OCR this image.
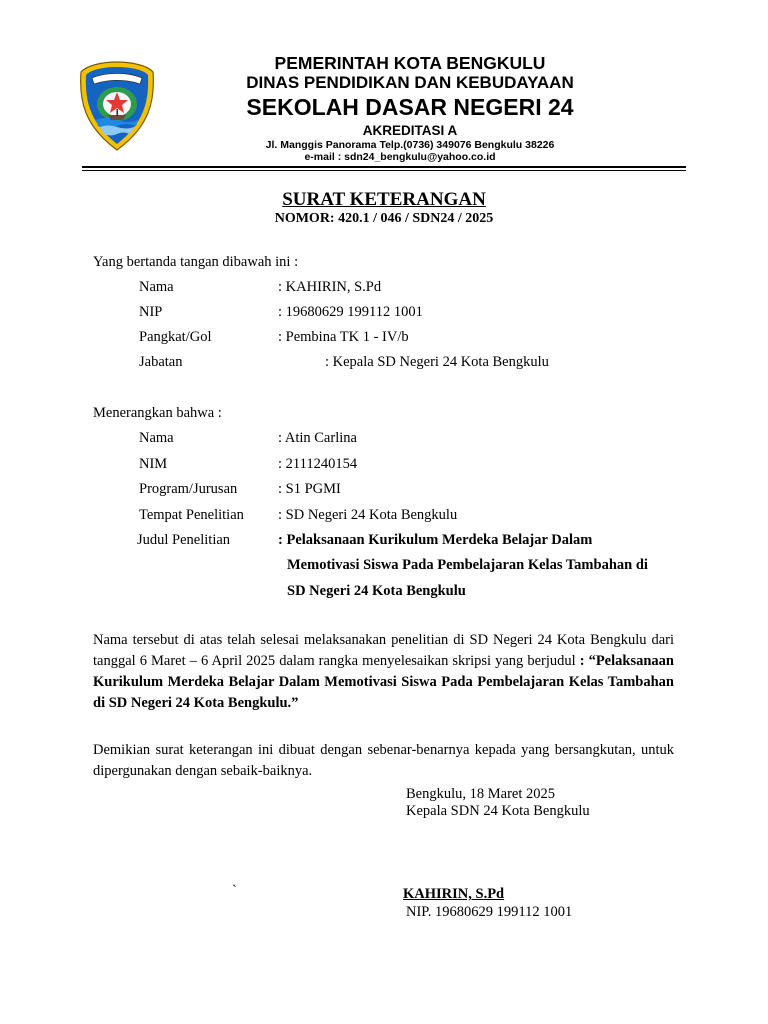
PEMERINTAH KOTA BENGKULU
DINAS PENDIDIKAN DAN KEBUDAYAAN
SEKOLAH DASAR NEGERI 24
AKREDITASI A
Jl. Manggis Panorama Telp.(0736) 349076 Bengkulu 38226
e-mail : sdn24_bengkulu@yahoo.co.id
SURAT KETERANGAN
NOMOR: 420.1 / 046 / SDN24 / 2025
Yang bertanda tangan dibawah ini :
Nama	: KAHIRIN, S.Pd
NIP	: 19680629 199112 1001
Pangkat/Gol	: Pembina TK 1 - IV/b
Jabatan	: Kepala SD Negeri 24 Kota Bengkulu
Menerangkan bahwa :
Nama	: Atin Carlina
NIM	: 2111240154
Program/Jurusan	: S1 PGMI
Tempat Penelitian : SD Negeri 24 Kota Bengkulu
Judul Penelitian	: Pelaksanaan Kurikulum Merdeka Belajar Dalam
Memotivasi Siswa Pada Pembelajaran Kelas Tambahan di
SD Negeri 24 Kota Bengkulu
Nama tersebut di atas telah selesai melaksanakan penelitian di SD Negeri 24 Kota Bengkulu dari tanggal 6 Maret – 6 April 2025 dalam rangka menyelesaikan skripsi yang berjudul : “Pelaksanaan Kurikulum Merdeka Belajar Dalam Memotivasi Siswa Pada Pembelajaran Kelas Tambahan di SD Negeri 24 Kota Bengkulu.”
Demikian surat keterangan ini dibuat dengan sebenar-benarnya kepada yang bersangkutan, untuk dipergunakan dengan sebaik-baiknya.
Bengkulu, 18 Maret 2025
Kepala SDN 24 Kota Bengkulu
`	KAHIRIN, S.Pd
NIP. 19680629 199112 1001
